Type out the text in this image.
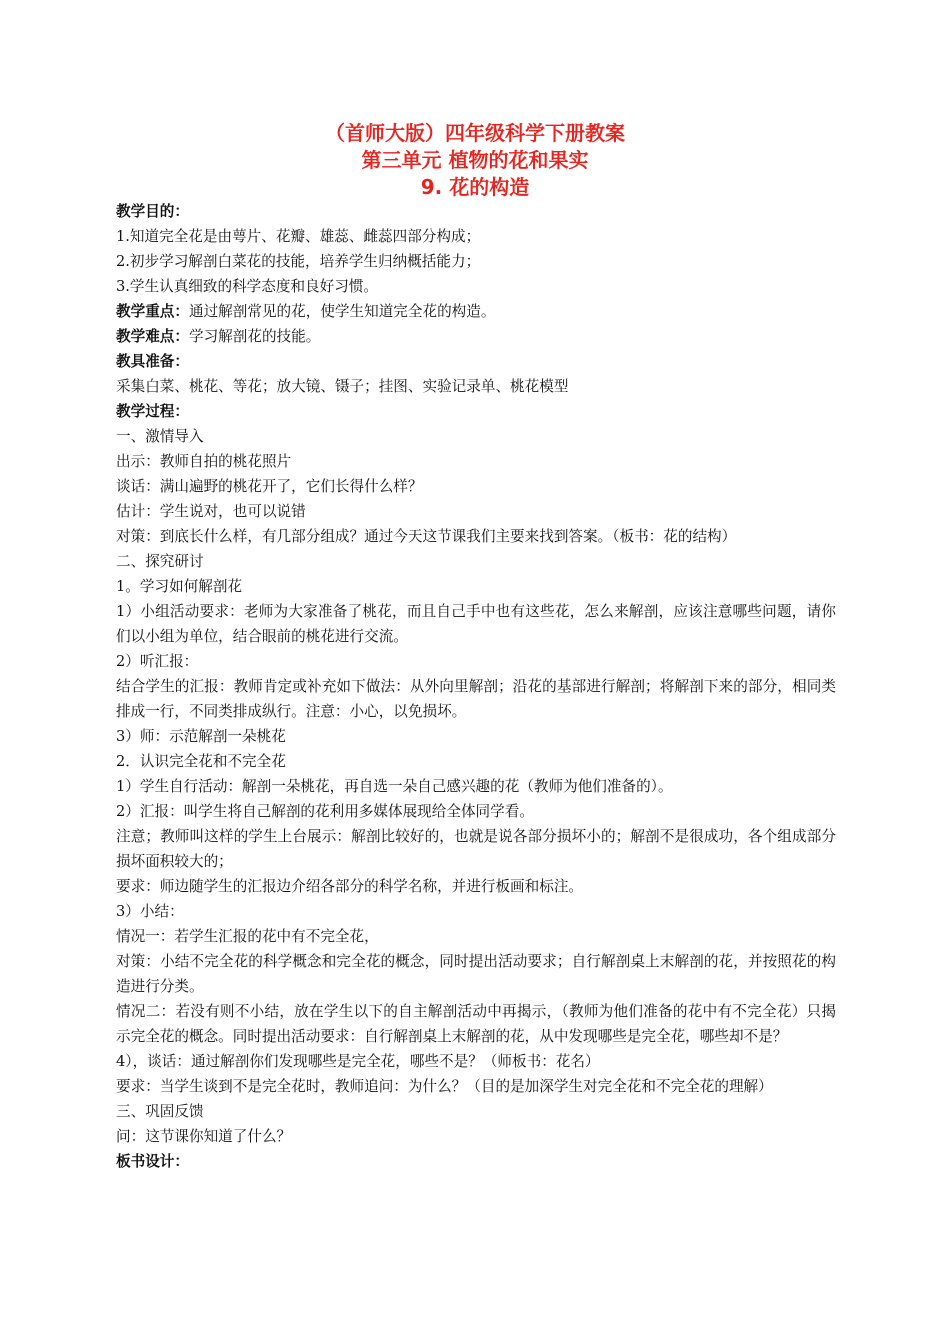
（首师大版）四年级科学下册教案

第三单元 植物的花和果实

9. 花的构造

教学目的：

1.知道完全花是由萼片、花瓣、雄蕊、雌蕊四部分构成；

2.初步学习解剖白菜花的技能，培养学生归纳概括能力；

3.学生认真细致的科学态度和良好习惯。

教学重点：通过解剖常见的花，使学生知道完全花的构造。

教学难点：学习解剖花的技能。

教具准备：

采集白菜、桃花、等花；放大镜、镊子；挂图、实验记录单、桃花模型

教学过程：

一、激情导入

出示：教师自拍的桃花照片

谈话：满山遍野的桃花开了，它们长得什么样？

估计：学生说对，也可以说错

对策：到底长什么样，有几部分组成？通过今天这节课我们主要来找到答案。（板书：花的结构）

二、探究研讨

1。学习如何解剖花

1）小组活动要求：老师为大家准备了桃花，而且自己手中也有这些花，怎么来解剖，应该注意哪些问题，请你们以小组为单位，结合眼前的桃花进行交流。

2）听汇报：

结合学生的汇报：教师肯定或补充如下做法：从外向里解剖；沿花的基部进行解剖；将解剖下来的部分，相同类排成一行，不同类排成纵行。注意：小心，以免损坏。

3）师：示范解剖一朵桃花

2．认识完全花和不完全花

1）学生自行活动：解剖一朵桃花，再自选一朵自己感兴趣的花（教师为他们准备的）。

2）汇报：叫学生将自己解剖的花利用多媒体展现给全体同学看。

注意；教师叫这样的学生上台展示：解剖比较好的，也就是说各部分损坏小的；解剖不是很成功，各个组成部分损坏面积较大的；

要求：师边随学生的汇报边介绍各部分的科学名称，并进行板画和标注。

3）小结：

情况一：若学生汇报的花中有不完全花，

对策：小结不完全花的科学概念和完全花的概念，同时提出活动要求；自行解剖桌上末解剖的花，并按照花的构造进行分类。

情况二：若没有则不小结，放在学生以下的自主解剖活动中再揭示，（教师为他们准备的花中有不完全花）只揭示完全花的概念。同时提出活动要求：自行解剖桌上末解剖的花，从中发现哪些是完全花，哪些却不是？

4），谈话：通过解剖你们发现哪些是完全花，哪些不是？（师板书：花名）

要求：当学生谈到不是完全花时，教师追问：为什么？（目的是加深学生对完全花和不完全花的理解）

三、巩固反馈

问：这节课你知道了什么？

板书设计：
